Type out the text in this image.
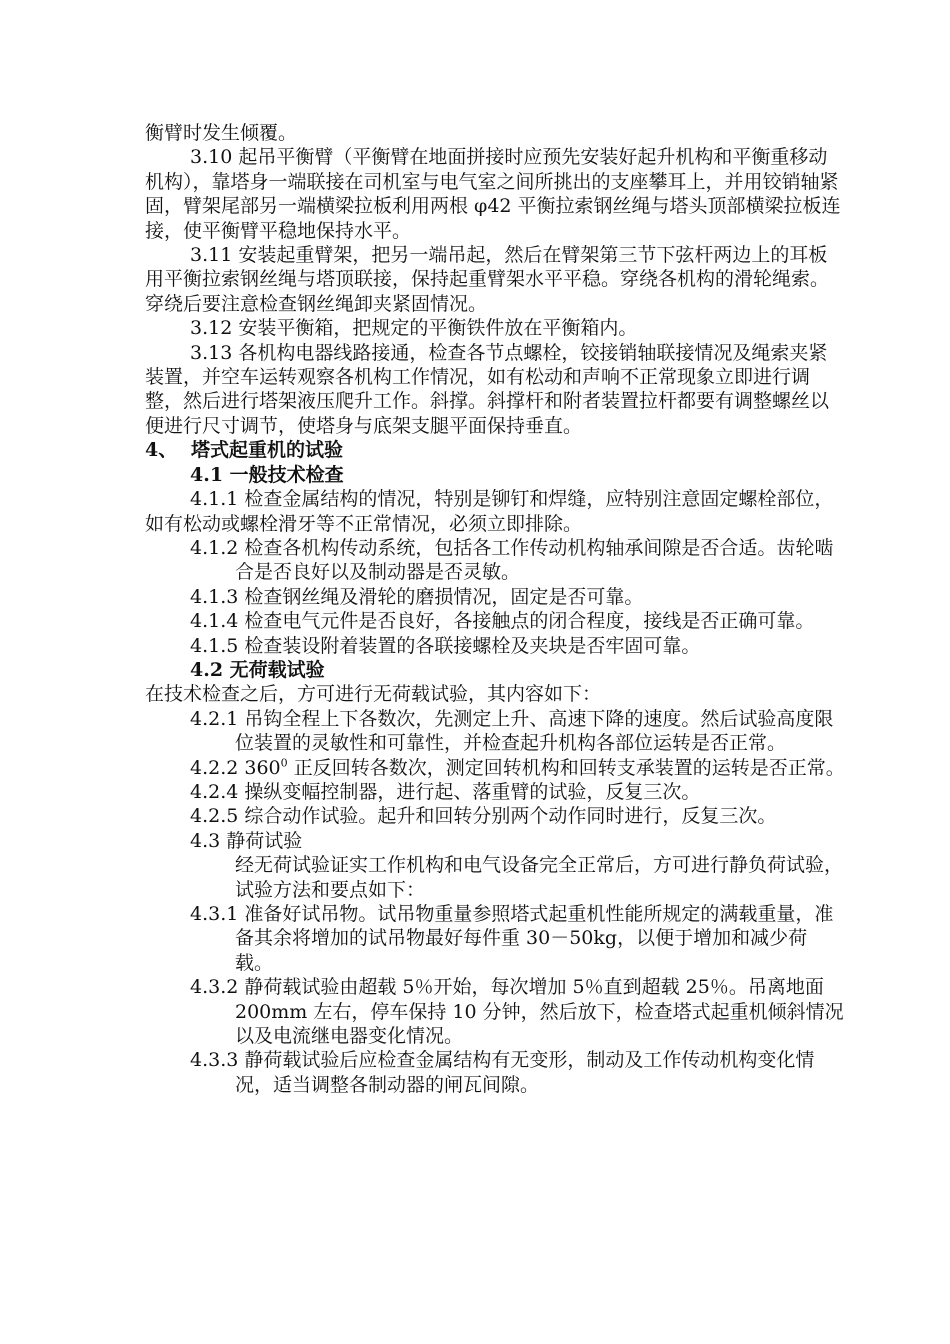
衡臂时发生倾覆。

3.10 起吊平衡臂（平衡臂在地面拼接时应预先安装好起升机构和平衡重移动机构），靠塔身一端联接在司机室与电气室之间所挑出的支座攀耳上，并用铰销轴紧固，臂架尾部另一端横梁拉板利用两根 φ42 平衡拉索钢丝绳与塔头顶部横梁拉板连接，使平衡臂平稳地保持水平。

3.11 安装起重臂架，把另一端吊起，然后在臂架第三节下弦杆两边上的耳板用平衡拉索钢丝绳与塔顶联接，保持起重臂架水平平稳。穿绕各机构的滑轮绳索。穿绕后要注意检查钢丝绳卸夹紧固情况。

3.12 安装平衡箱，把规定的平衡铁件放在平衡箱内。

3.13 各机构电器线路接通，检查各节点螺栓，铰接销轴联接情况及绳索夹紧装置，并空车运转观察各机构工作情况，如有松动和声响不正常现象立即进行调整，然后进行塔架液压爬升工作。斜撑。斜撑杆和附者装置拉杆都要有调整螺丝以便进行尺寸调节，使塔身与底架支腿平面保持垂直。

4、 塔式起重机的试验

4.1 一般技术检查

4.1.1 检查金属结构的情况，特别是铆钉和焊缝，应特别注意固定螺栓部位，如有松动或螺栓滑牙等不正常情况，必须立即排除。

4.1.2 检查各机构传动系统，包括各工作传动机构轴承间隙是否合适。齿轮啮合是否良好以及制动器是否灵敏。

4.1.3 检查钢丝绳及滑轮的磨损情况，固定是否可靠。

4.1.4 检查电气元件是否良好，各接触点的闭合程度，接线是否正确可靠。

4.1.5 检查装设附着装置的各联接螺栓及夹块是否牢固可靠。

4.2 无荷载试验

在技术检查之后，方可进行无荷载试验，其内容如下：

4.2.1 吊钩全程上下各数次，先测定上升、高速下降的速度。然后试验高度限位装置的灵敏性和可靠性，并检查起升机构各部位运转是否正常。

4.2.2 $360^0$ 正反回转各数次，测定回转机构和回转支承装置的运转是否正常。

4.2.4 操纵变幅控制器，进行起、落重臂的试验，反复三次。

4.2.5 综合动作试验。起升和回转分别两个动作同时进行，反复三次。

4.3 静荷试验

经无荷试验证实工作机构和电气设备完全正常后，方可进行静负荷试验，试验方法和要点如下：

4.3.1 准备好试吊物。试吊物重量参照塔式起重机性能所规定的满载重量，准备其余将增加的试吊物最好每件重 30－50kg，以便于增加和减少荷载。

4.3.2 静荷载试验由超载 5％开始，每次增加 5％直到超载 25％。吊离地面 200mm 左右，停车保持 10 分钟，然后放下，检查塔式起重机倾斜情况以及电流继电器变化情况。

4.3.3 静荷载试验后应检查金属结构有无变形，制动及工作传动机构变化情况，适当调整各制动器的闸瓦间隙。
